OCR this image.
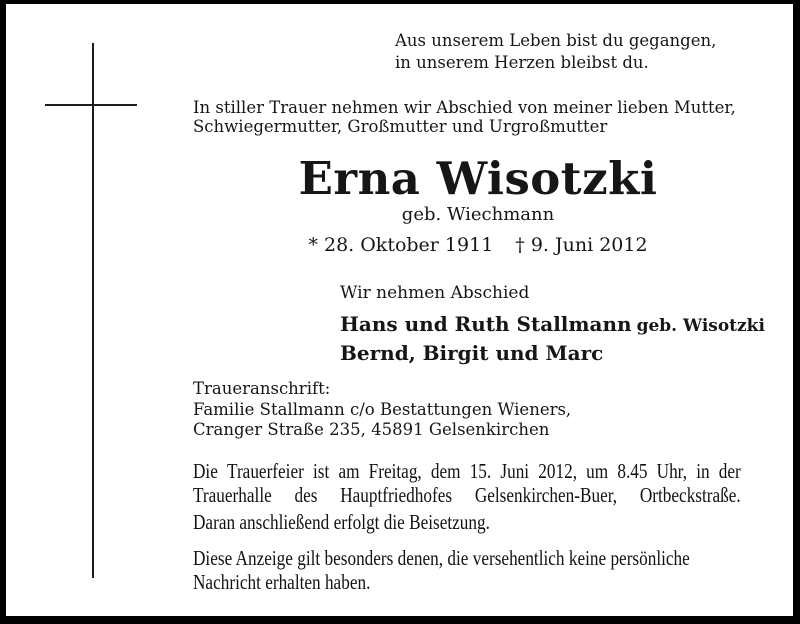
Aus unserem Leben bist du gegangen,
in unserem Herzen bleibst du.
In stiller Trauer nehmen wir Abschied von meiner lieben Mutter,
Schwiegermutter, Großmutter und Urgroßmutter
Erna Wisotzki
geb. Wiechmann
* 28. Oktober 1911 † 9. Juni 2012
Wir nehmen Abschied
Hans und Ruth Stallmann geb. Wisotzki
Bernd, Birgit und Marc
Traueranschrift:
Familie Stallmann c/o Bestattungen Wieners,
Cranger Straße 235, 45891 Gelsenkirchen
Die Trauerfeier ist am Freitag, dem 15. Juni 2012, um 8.45 Uhr, in der
Trauerhalle des Hauptfriedhofes Gelsenkirchen-Buer, Ortbeckstraße.
Daran anschließend erfolgt die Beisetzung.
Diese Anzeige gilt besonders denen, die versehentlich keine persönliche
Nachricht erhalten haben.
